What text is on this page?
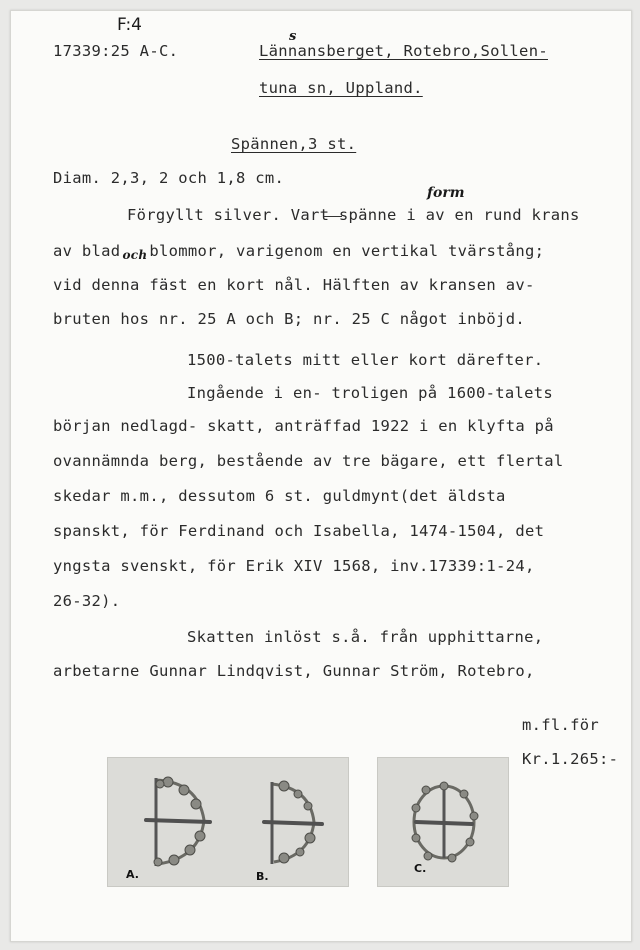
F:4
17339:25 A-C.	Lännansberget, Rotebro,Sollen-
s
tuna sn, Uppland.
Spännen,3 st.
Diam. 2,3, 2 och 1,8 cm.
form
Förgyllt silver. Vart spänne i av en rund krans
av blad och blommor, varigenom en vertikal tvärstång;
vid denna fäst en kort nål. Hälften av kransen av-
bruten hos nr. 25 A och B; nr. 25 C något inböjd.
1500-talets mitt eller kort därefter.
Ingående i en- troligen på 1600-talets
början nedlagd- skatt, anträffad 1922 i en klyfta på
ovannämnda berg, bestående av tre bägare, ett flertal
skedar m.m., dessutom 6 st. guldmynt(det äldsta
spanskt, för Ferdinand och Isabella, 1474-1504, det
yngsta svenskt, för Erik XIV 1568, inv.17339:1-24,
26-32).
Skatten inlöst s.å. från upphittarne,
arbetarne Gunnar Lindqvist, Gunnar Ström, Rotebro,
m.fl.för
Kr.1.265:-
A.	B.
C.
